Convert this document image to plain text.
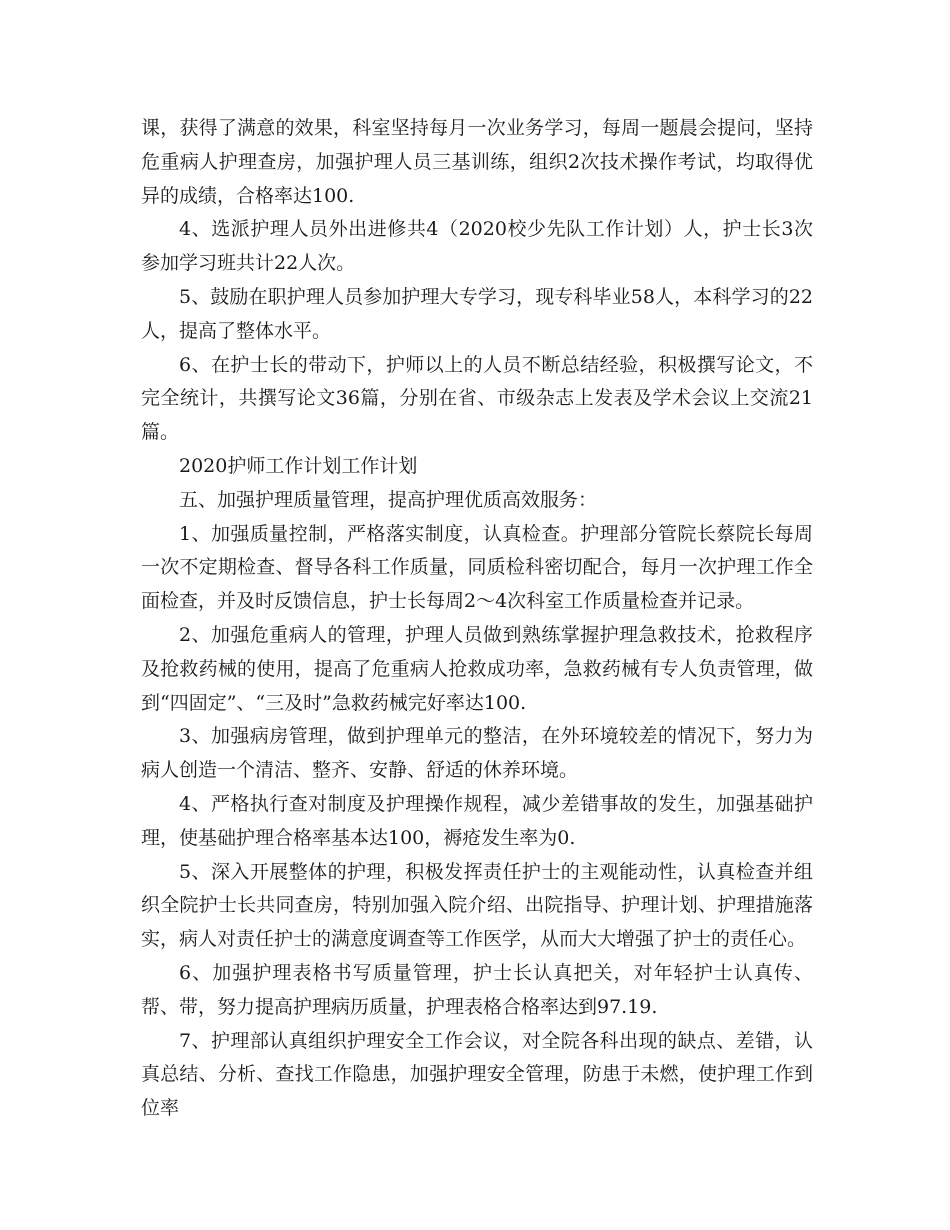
课，获得了满意的效果，科室坚持每月一次业务学习，每周一题晨会提问，坚持危重病人护理查房，加强护理人员三基训练，组织2次技术操作考试，均取得优异的成绩，合格率达100.

4、选派护理人员外出进修共4（2020校少先队工作计划）人，护士长3次参加学习班共计22人次。

5、鼓励在职护理人员参加护理大专学习，现专科毕业58人，本科学习的22人，提高了整体水平。

6、在护士长的带动下，护师以上的人员不断总结经验，积极撰写论文，不完全统计，共撰写论文36篇，分别在省、市级杂志上发表及学术会议上交流21篇。

2020护师工作计划工作计划

五、加强护理质量管理，提高护理优质高效服务：

1、加强质量控制，严格落实制度，认真检查。护理部分管院长蔡院长每周一次不定期检查、督导各科工作质量，同质检科密切配合，每月一次护理工作全面检查，并及时反馈信息，护士长每周2～4次科室工作质量检查并记录。

2、加强危重病人的管理，护理人员做到熟练掌握护理急救技术，抢救程序及抢救药械的使用，提高了危重病人抢救成功率，急救药械有专人负责管理，做到“四固定”、“三及时”急救药械完好率达100.

3、加强病房管理，做到护理单元的整洁，在外环境较差的情况下，努力为病人创造一个清洁、整齐、安静、舒适的休养环境。

4、严格执行查对制度及护理操作规程，减少差错事故的发生，加强基础护理，使基础护理合格率基本达100，褥疮发生率为0.

5、深入开展整体的护理，积极发挥责任护士的主观能动性，认真检查并组织全院护士长共同查房，特别加强入院介绍、出院指导、护理计划、护理措施落实，病人对责任护士的满意度调查等工作医学，从而大大增强了护士的责任心。

6、加强护理表格书写质量管理，护士长认真把关，对年轻护士认真传、帮、带，努力提高护理病历质量，护理表格合格率达到97.19.

7、护理部认真组织护理安全工作会议，对全院各科出现的缺点、差错，认真总结、分析、查找工作隐患，加强护理安全管理，防患于未燃，使护理工作到位率
